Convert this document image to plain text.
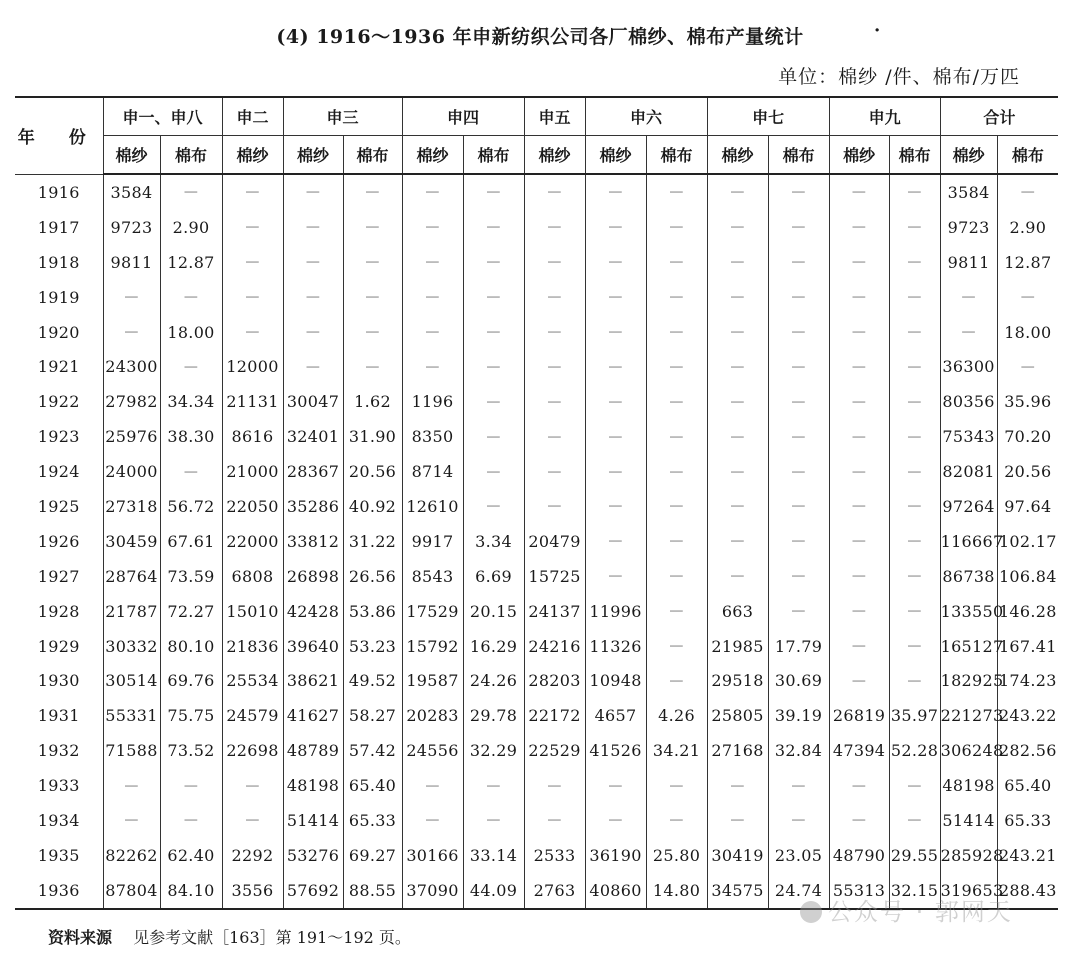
(4) 1916～1936 年申新纺织公司各厂棉纱、棉布产量统计	·
单位：棉纱 /件、棉布/万匹
年 份	申一、申八		申二	申三		申四		申五	申六		申七		申九		合计	
	棉纱	棉布	棉纱	棉纱	棉布	棉纱	棉布	棉纱	棉纱	棉布	棉纱	棉布	棉纱	棉布	棉纱	棉布
1916	3584	—	—	—	—	—	—	—	—	—	—	—	—	—	3584	—
1917	9723	2.90	—	—	—	—	—	—	—	—	—	—	—	—	9723	2.90
1918	9811	12.87	—	—	—	—	—	—	—	—	—	—	—	—	9811	12.87
1919	—	—	—	—	—	—	—	—	—	—	—	—	—	—	—	—
1920	—	18.00	—	—	—	—	—	—	—	—	—	—	—	—	—	18.00
1921	24300	—	12000	—	—	—	—	—	—	—	—	—	—	—	36300	—
1922	27982	34.34	21131	30047	1.62	1196	—	—	—	—	—	—	—	—	80356	35.96
1923	25976	38.30	8616	32401	31.90	8350	—	—	—	—	—	—	—	—	75343	70.20
1924	24000	—	21000	28367	20.56	8714	—	—	—	—	—	—	—	—	82081	20.56
1925	27318	56.72	22050	35286	40.92	12610	—	—	—	—	—	—	—	—	97264	97.64
1926	30459	67.61	22000	33812	31.22	9917	3.34	20479	—	—	—	—	—	—	116667	102.17
1927	28764	73.59	6808	26898	26.56	8543	6.69	15725	—	—	—	—	—	—	86738	106.84
1928	21787	72.27	15010	42428	53.86	17529	20.15	24137	11996	—	663	—	—	—	133550	146.28
1929	30332	80.10	21836	39640	53.23	15792	16.29	24216	11326	—	21985	17.79	—	—	165127	167.41
1930	30514	69.76	25534	38621	49.52	19587	24.26	28203	10948	—	29518	30.69	—	—	182925	174.23
1931	55331	75.75	24579	41627	58.27	20283	29.78	22172	4657	4.26	25805	39.19	26819	35.97	221273	243.22
1932	71588	73.52	22698	48789	57.42	24556	32.29	22529	41526	34.21	27168	32.84	47394	52.28	306248	282.56
1933	—	—	—	48198	65.40	—	—	—	—	—	—	—	—	—	48198	65.40
1934	—	—	—	51414	65.33	—	—	—	—	—	—	—	—	—	51414	65.33
1935	82262	62.40	2292	53276	69.27	30166	33.14	2533	36190	25.80	30419	23.05	48790	29.55	285928	243.21
1936	87804	84.10	3556	57692	88.55	37090	44.09	2763	40860	14.80	34575	24.74	55313	32.15	319653	288.43
资料来源 见参考文献［163］第 191～192 页。
公众号 · 郭网天
